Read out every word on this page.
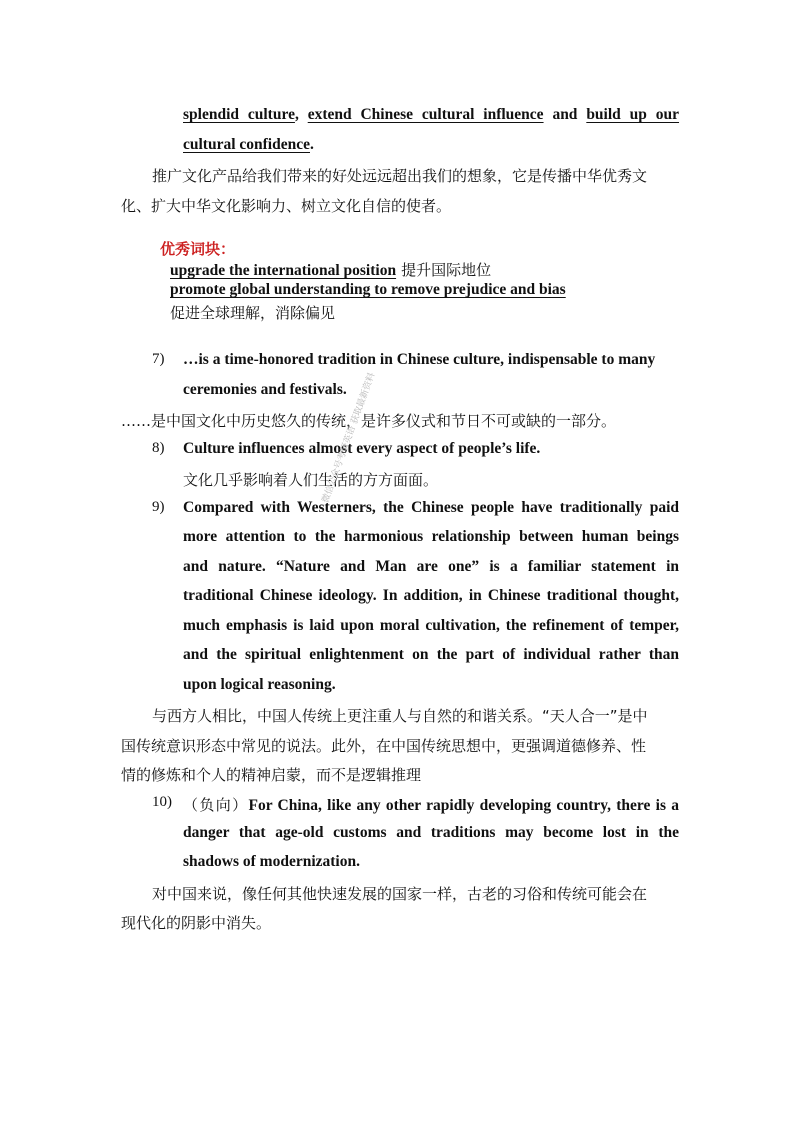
splendid culture, extend Chinese cultural influence and build up our
cultural confidence.
推广文化产品给我们带来的好处远远超出我们的想象，它是传播中华优秀文
化、扩大中华文化影响力、树立文化自信的使者。
优秀词块：
upgrade the international position 提升国际地位
promote global understanding to remove prejudice and bias
促进全球理解，消除偏见
7) …is a time-honored tradition in Chinese culture, indispensable to many
ceremonies and festivals.
……是中国文化中历史悠久的传统，是许多仪式和节日不可或缺的一部分。
8) Culture influences almost every aspect of people’s life.
文化几乎影响着人们生活的方方面面。
9) Compared with Westerners, the Chinese people have traditionally paid
more attention to the harmonious relationship between human beings
and nature. “Nature and Man are one” is a familiar statement in
traditional Chinese ideology. In addition, in Chinese traditional thought,
much emphasis is laid upon moral cultivation, the refinement of temper,
and the spiritual enlightenment on the part of individual rather than
upon logical reasoning.
与西方人相比，中国人传统上更注重人与自然的和谐关系。“天人合一”是中
国传统意识形态中常见的说法。此外，在中国传统思想中，更强调道德修养、性
情的修炼和个人的精神启蒙，而不是逻辑推理
10) （负向）For China, like any other rapidly developing country, there is a
danger that age-old customs and traditions may become lost in the
shadows of modernization.
对中国来说，像任何其他快速发展的国家一样，古老的习俗和传统可能会在
现代化的阴影中消失。
微信公众号考研英语 获取最新资料
